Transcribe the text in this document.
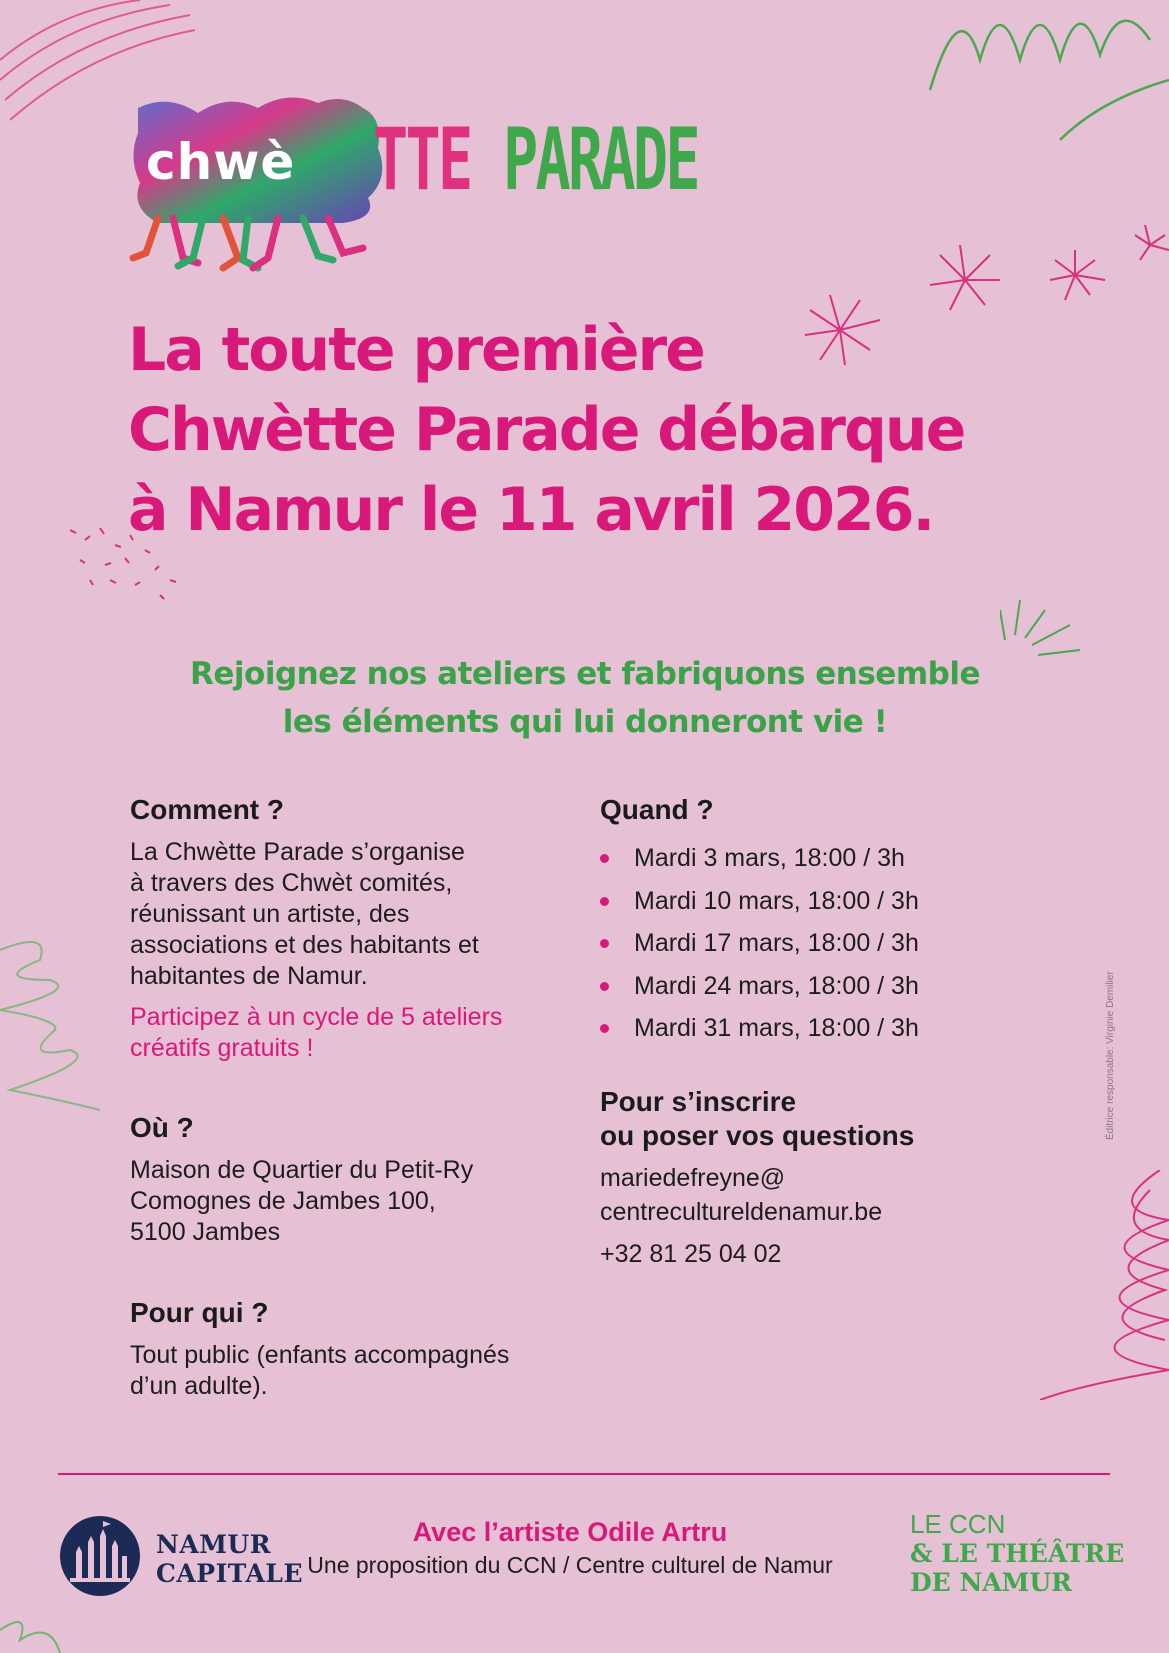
chwè TTE PARADE
La toute première
Chwètte Parade débarque
à Namur le 11 avril 2026.
Rejoignez nos ateliers et fabriquons ensemble
les éléments qui lui donneront vie !

Comment ?

La Chwètte Parade s’organise
à travers des Chwèt comités,
réunissant un artiste, des
associations et des habitants et
habitantes de Namur.

Participez à un cycle de 5 ateliers
créatifs gratuits !

Où ?

Maison de Quartier du Petit-Ry
Comognes de Jambes 100,
5100 Jambes

Pour qui ?

Tout public (enfants accompagnés
d’un adulte).

Quand ?

Mardi 3 mars, 18:00 / 3h
Mardi 10 mars, 18:00 / 3h
Mardi 17 mars, 18:00 / 3h
Mardi 24 mars, 18:00 / 3h
Mardi 31 mars, 18:00 / 3h

Pour s’inscrire
ou poser vos questions

mariedefreyne@
centrecultureldenamur.be

+32 81 25 04 02

Éditrice responsable: Virginie Demilier
NAMUR
CAPITALE

Avec l’artiste Odile Artru

Une proposition du CCN / Centre culturel de Namur

LE CCN
& LE THÉÂTRE
DE NAMUR
